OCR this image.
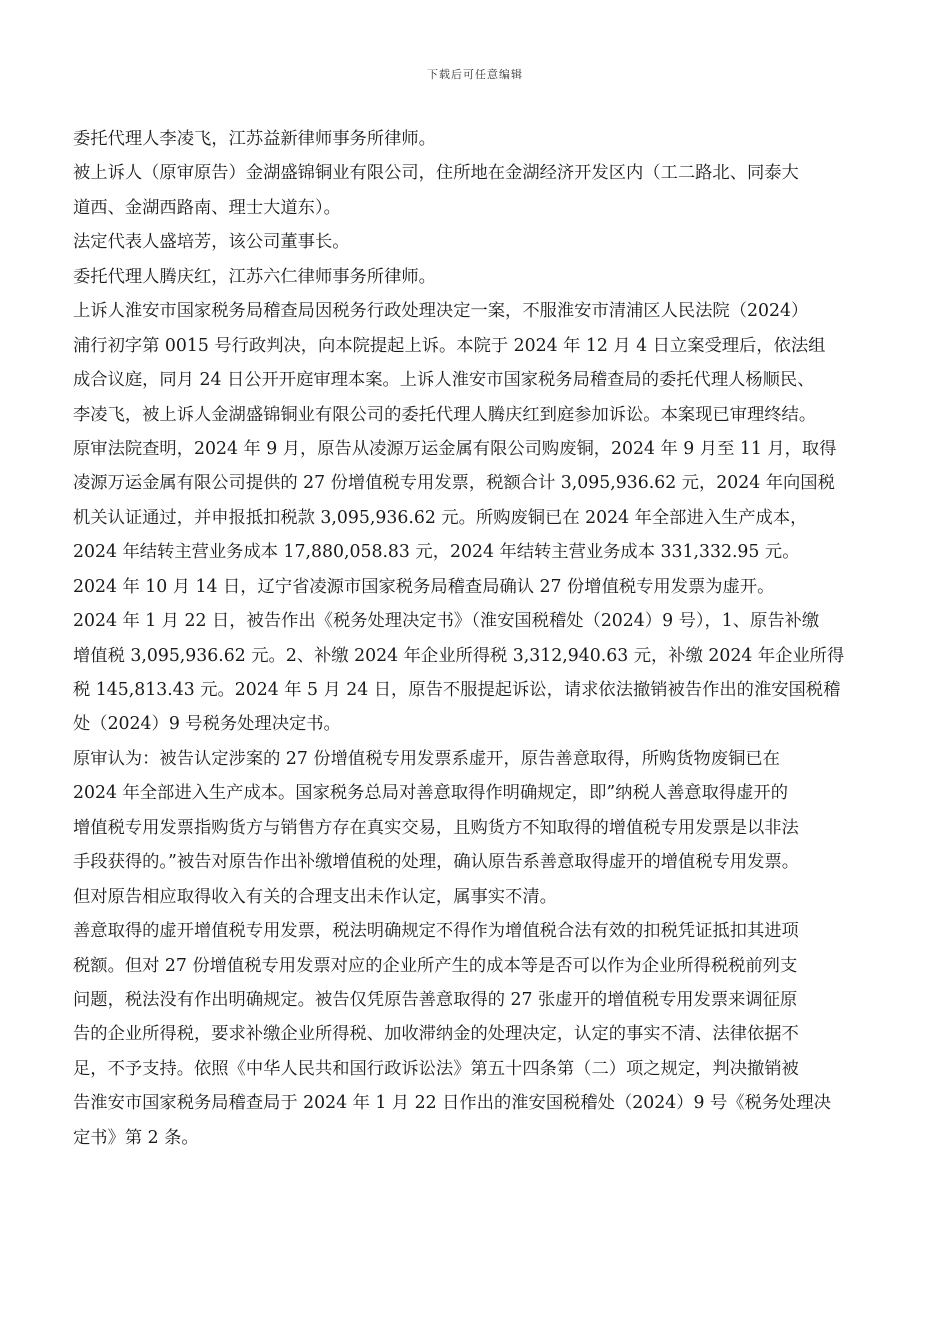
下载后可任意编辑
委托代理人李凌飞，江苏益新律师事务所律师。
被上诉人（原审原告）金湖盛锦铜业有限公司，住所地在金湖经济开发区内（工二路北、同泰大
道西、金湖西路南、理士大道东）。
法定代表人盛培芳，该公司董事长。
委托代理人腾庆红，江苏六仁律师事务所律师。
上诉人淮安市国家税务局稽查局因税务行政处理决定一案，不服淮安市清浦区人民法院（2024）
浦行初字第 0015 号行政判决，向本院提起上诉。本院于 2024 年 12 月 4 日立案受理后，依法组
成合议庭，同月 24 日公开开庭审理本案。上诉人淮安市国家税务局稽查局的委托代理人杨顺民、
李凌飞，被上诉人金湖盛锦铜业有限公司的委托代理人腾庆红到庭参加诉讼。本案现已审理终结。
原审法院查明，2024 年 9 月，原告从凌源万运金属有限公司购废铜，2024 年 9 月至 11 月，取得
凌源万运金属有限公司提供的 27 份增值税专用发票，税额合计 3,095,936.62 元，2024 年向国税
机关认证通过，并申报抵扣税款 3,095,936.62 元。所购废铜已在 2024 年全部进入生产成本，
2024 年结转主营业务成本 17,880,058.83 元，2024 年结转主营业务成本 331,332.95 元。
2024 年 10 月 14 日，辽宁省凌源市国家税务局稽查局确认 27 份增值税专用发票为虚开。
2024 年 1 月 22 日，被告作出《税务处理决定书》（淮安国税稽处（2024）9 号），1、原告补缴
增值税 3,095,936.62 元。2、补缴 2024 年企业所得税 3,312,940.63 元，补缴 2024 年企业所得
税 145,813.43 元。2024 年 5 月 24 日，原告不服提起诉讼，请求依法撤销被告作出的淮安国税稽
处（2024）9 号税务处理决定书。
原审认为：被告认定涉案的 27 份增值税专用发票系虚开，原告善意取得，所购货物废铜已在
2024 年全部进入生产成本。国家税务总局对善意取得作明确规定，即”纳税人善意取得虚开的
增值税专用发票指购货方与销售方存在真实交易，且购货方不知取得的增值税专用发票是以非法
手段获得的。”被告对原告作出补缴增值税的处理，确认原告系善意取得虚开的增值税专用发票。
但对原告相应取得收入有关的合理支出未作认定，属事实不清。
善意取得的虚开增值税专用发票，税法明确规定不得作为增值税合法有效的扣税凭证抵扣其进项
税额。但对 27 份增值税专用发票对应的企业所产生的成本等是否可以作为企业所得税税前列支
问题，税法没有作出明确规定。被告仅凭原告善意取得的 27 张虚开的增值税专用发票来调征原
告的企业所得税，要求补缴企业所得税、加收滞纳金的处理决定，认定的事实不清、法律依据不
足，不予支持。依照《中华人民共和国行政诉讼法》第五十四条第（二）项之规定，判决撤销被
告淮安市国家税务局稽查局于 2024 年 1 月 22 日作出的淮安国税稽处（2024）9 号《税务处理决
定书》第 2 条。
